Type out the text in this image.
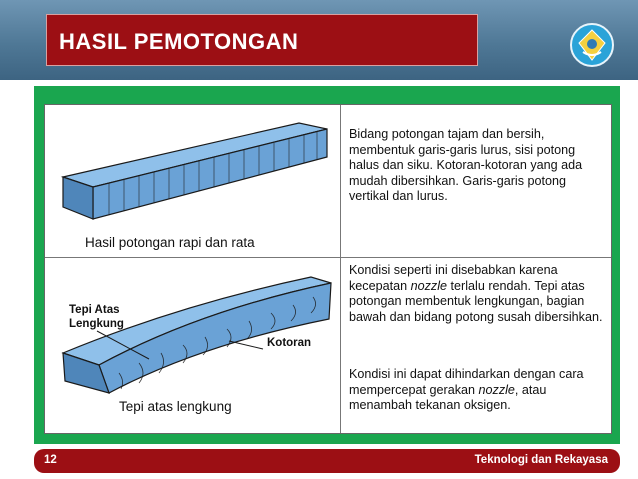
HASIL PEMOTONGAN
Hasil potongan rapi dan rata
Bidang potongan tajam dan bersih, membentuk garis-garis lurus, sisi potong halus dan siku. Kotoran-kotoran yang ada mudah dibersihkan. Garis-garis potong vertikal dan lurus.
Tepi Atas Lengkung
Kotoran
Tepi atas lengkung
Kondisi seperti ini disebabkan karena kecepatan nozzle terlalu rendah. Tepi atas potongan membentuk lengkungan, bagian bawah dan bidang potong susah dibersihkan.
Kondisi ini dapat dihindarkan dengan cara mempercepat gerakan nozzle, atau menambah tekanan oksigen.
12	Teknologi dan Rekayasa
